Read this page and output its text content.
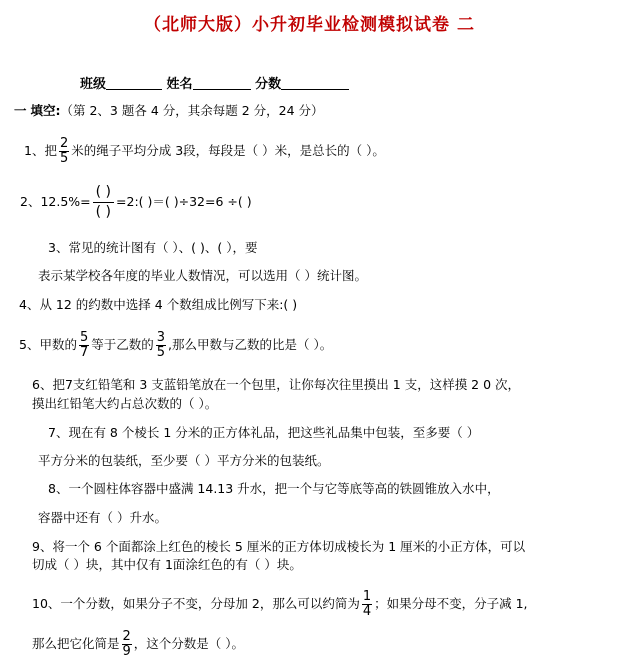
（北师大版）小升初毕业检测模拟试卷 二
班级	姓名	分数
一 填空:（第 2、3 题各 4 分，其余每题 2 分，24 分）
1、把 $\frac{2}{5}$ 米的绳子平均分成 3段，每段是（ ）米，是总长的（ ）。
2、$12.5\%= \frac{( )}{( )}$ =2:( )＝( )÷32=6 ÷( )
3、常见的统计图有（ ）、( )、( ），要
表示某学校各年度的毕业人数情况，可以选用（ ）统计图。
4、从 12 的约数中选择 4 个数组成比例写下来:( )
5、甲数的 $\frac{5}{7}$ 等于乙数的 $\frac{3}{5}$ ,那么甲数与乙数的比是（ ）。
6、把7支红铅笔和 3 支蓝铅笔放在一个包里，让你每次往里摸出 1 支，这样摸 2 0 次，
摸出红铅笔大约占总次数的（ ）。
7、现在有 8 个棱长 1 分米的正方体礼品，把这些礼品集中包装，至多要（ ）
平方分米的包装纸，至少要（ ）平方分米的包装纸。
8、一个圆柱体容器中盛满 14.13 升水，把一个与它等底等高的铁圆锥放入水中，
容器中还有（ ）升水。
9、将一个 6 个面都涂上红色的棱长 5 厘米的正方体切成棱长为 1 厘米的小正方体，可以
切成（ ）块，其中仅有 1面涂红色的有（ ）块。
10、一个分数，如果分子不变，分母加 2，那么可以约简为 $\frac{1}{4}$ ；如果分母不变，分子减 1,
那么把它化简是 $\frac{2}{9}$ ，这个分数是（ ）。
